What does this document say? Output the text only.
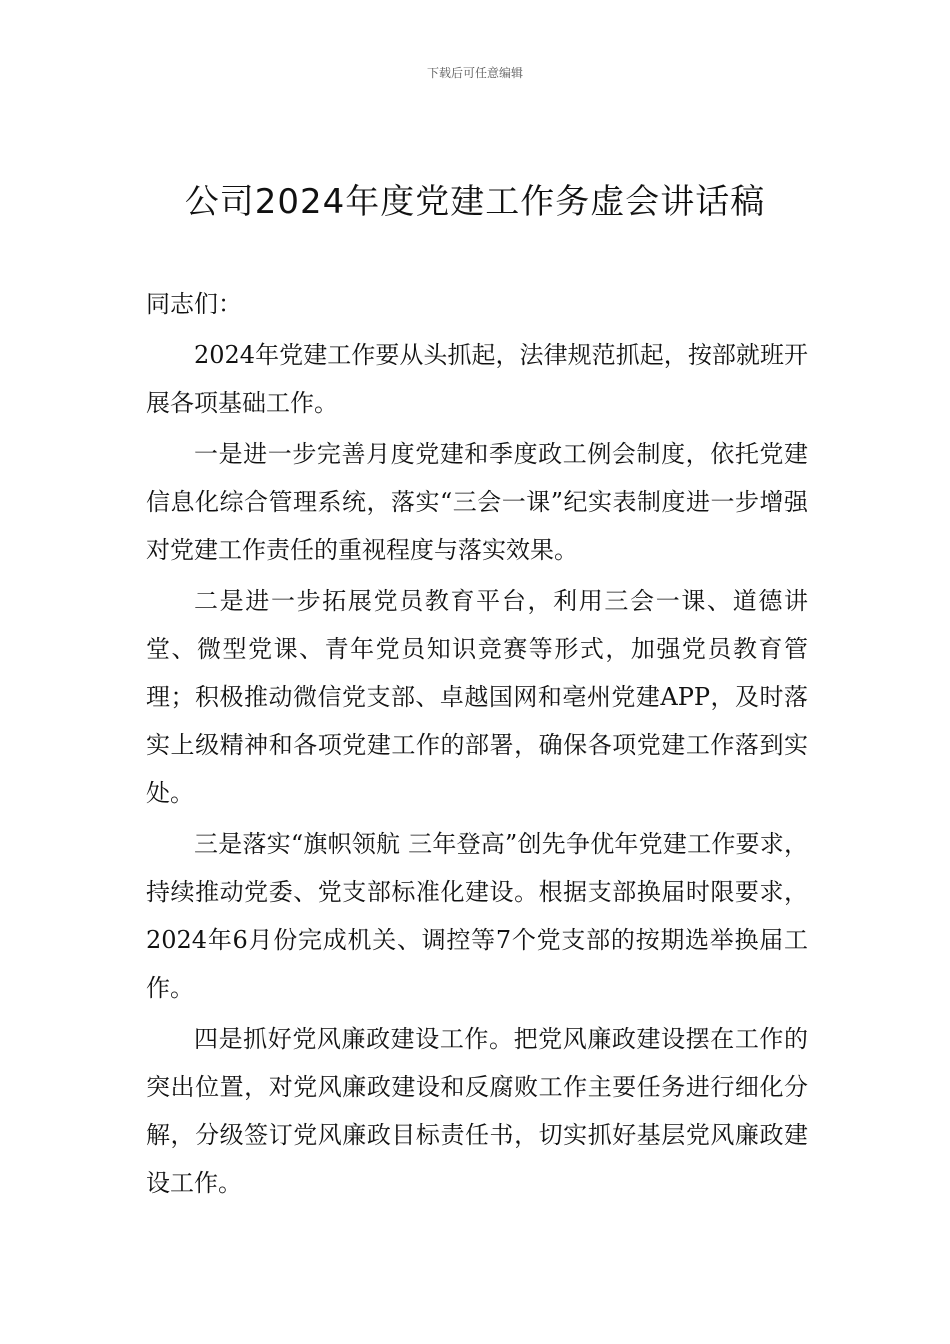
下载后可任意编辑
公司2024年度党建工作务虚会讲话稿

同志们：

2024年党建工作要从头抓起，法律规范抓起，按部就班开展各项基础工作。

一是进一步完善月度党建和季度政工例会制度，依托党建信息化综合管理系统，落实“三会一课”纪实表制度进一步增强对党建工作责任的重视程度与落实效果。

二是进一步拓展党员教育平台，利用三会一课、道德讲堂、微型党课、青年党员知识竞赛等形式，加强党员教育管理；积极推动微信党支部、卓越国网和亳州党建APP，及时落实上级精神和各项党建工作的部署，确保各项党建工作落到实处。

三是落实“旗帜领航 三年登高”创先争优年党建工作要求，持续推动党委、党支部标准化建设。根据支部换届时限要求，2024年6月份完成机关、调控等7个党支部的按期选举换届工作。

四是抓好党风廉政建设工作。把党风廉政建设摆在工作的突出位置，对党风廉政建设和反腐败工作主要任务进行细化分解，分级签订党风廉政目标责任书，切实抓好基层党风廉政建设工作。
